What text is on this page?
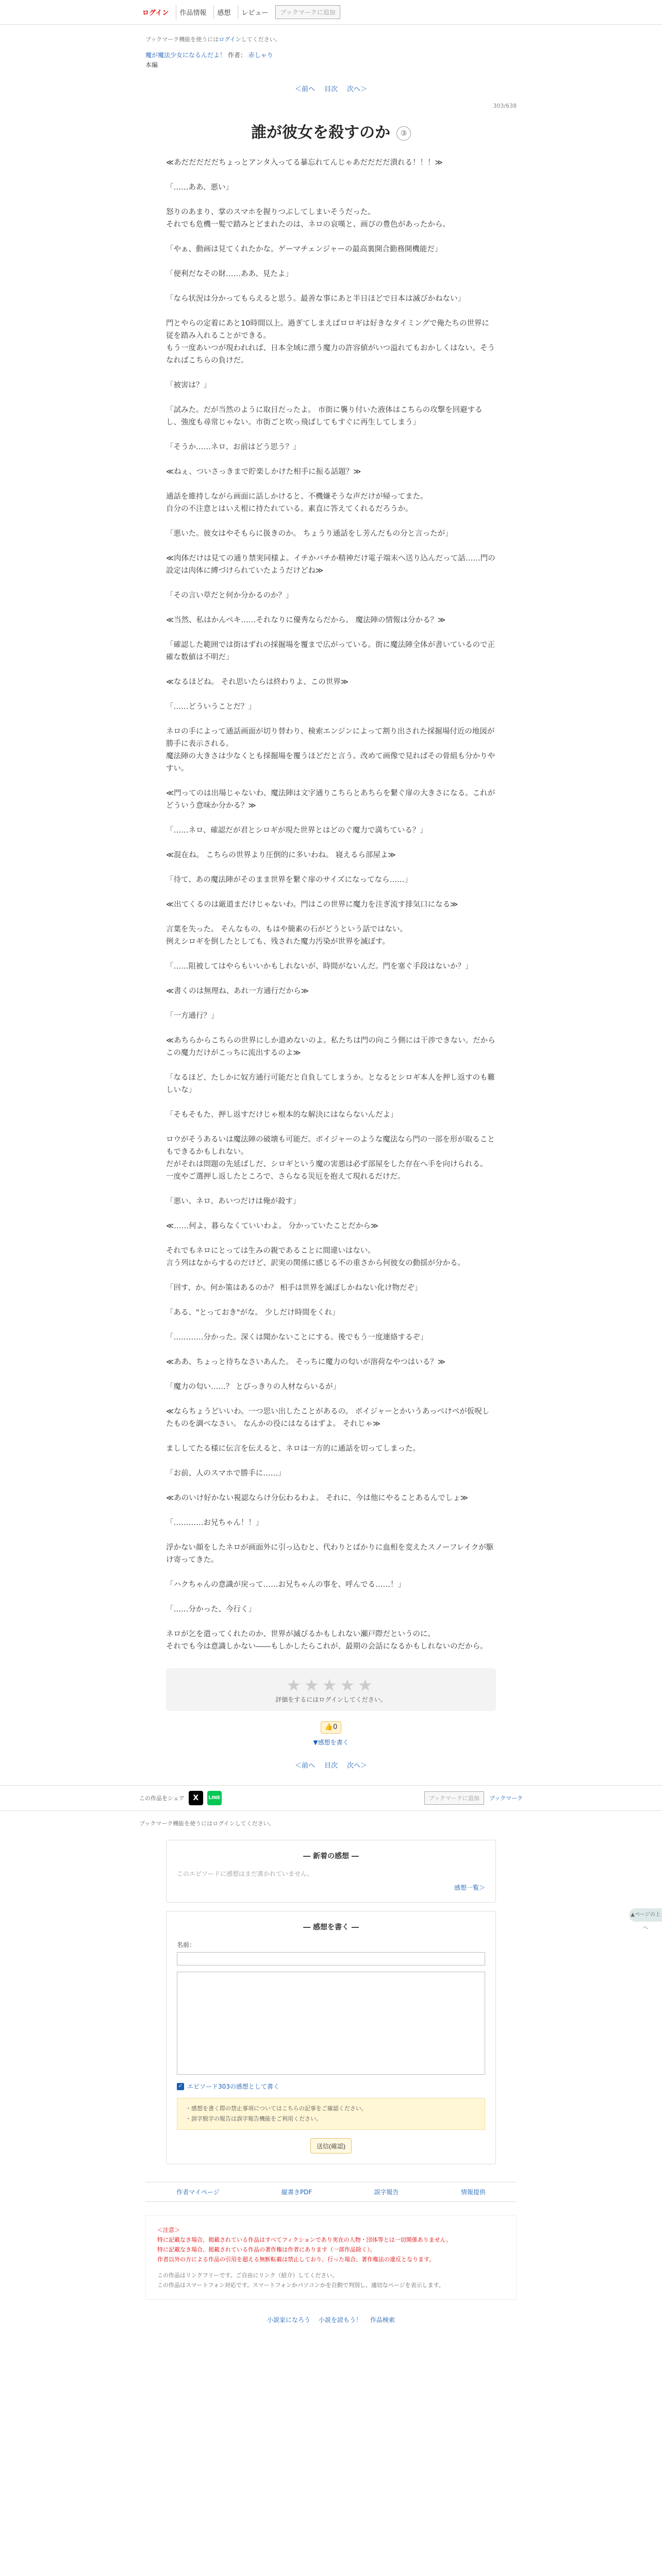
ログイン	作品情報	感想	レビュー	ブックマークに追加
ブックマーク機能を使うにはログインしてください。
魔が魔法少女になるんだよ！ 作者： 赤しゃり
本編
＜前へ 目次 次へ＞
303/638
誰が彼女を殺すのか ③

≪あだだだだだちょっとアンタ入ってる暴忘れてんじゃあだだだだ潰れる！！！≫

「……ああ、悪い」

怒りのあまり、掌のスマホを握りつぶしてしまいそうだった。

それでも危機一髪で踏みとどまれたのは、ネロの哀嘆と、画ぴの豊色があったから。

「やぁ、動画は見てくれたかな。ゲーマチェンジャーの最高裏開合勤務開機能だ」

「便利だなその財……ああ、見たよ」

「なら状況は分かってもらえると思う。最善な事にあと半日ほどで日本は滅びかねない」

門とやらの定着にあと10時間以上。過ぎてしまえばロロギは好きなタイミングで俺たちの世界に従を踏み入れることができる。

もう一度あいつが現われれば、日本全域に漂う魔力の許容値がいつ溢れてもおかしくはない。そうなればこちらの負けだ。

「被害は？」

「試みた。だが当然のように取目だったよ。 市街に襲り付いた液体はこちらの攻撃を回避するし、強度も尋常じゃない。市街ごと吹っ飛ばしてもすぐに再生してしまう」

「そうか……ネロ、お前はどう思う？」

≪ねぇ、ついさっきまで貯楽しかけた相手に振る話題？≫

通話を維持しながら画面に話しかけると、不機嫌そうな声だけが帰ってまた。

自分の不注意とはいえ根に持たれている。素直に答えてくれるだろうか。

「悪いた。彼女はやそもらに扱きのか。 ちょうり通話をし芳んだもの分と言ったが」

≪肉体だけは見ての通り禁実同様よ。イチかバチか精神だけ電子端末へ送り込んだって話……門の設定は肉体に縛づけられていたようだけどね≫

「その言い草だと何か分かるのか？」

≪当然、私はかんぺキ……それなりに優秀ならだから。 魔法陣の情報は分かる？≫

「確認した範囲では街はずれの採掘場を覆まで広がっている。街に魔法陣全体が書いているので正確な数値は不明だ」

≪なるほどね。 それ思いたらは終わりよ、この世界≫

「……どういうことだ？」

ネロの手によって通話画面が切り替わり、検索エンジンによって割り出された採掘場付近の地図が勝手に表示される。

魔法陣の大きさは少なくとも採掘場を覆うほどだと言う。改めて画像で見ればその骨組も分かりやすい。

≪門ってのは出場じゃないわ、魔法陣は文字通りこちらとあちらを繋ぐ扉の大きさになる。これがどういう意味か分かる？≫

「……ネロ、確認だが君とシロギが現た世界とはどのぐ魔力で満ちている？」

≪混在ね。 こちらの世界より圧倒的に多いわね。 寝えるら部屋よ≫

「待て、あの魔法陣がそのまま世界を繋ぐ扉のサイズになってなら……」

≪出てくるのは厳道まだけじゃないわ。門はこの世界に魔力を注ぎ流す排気口になる≫

言葉を失った。 そんなもの、もはや簡素の石がどうという話ではない。

例えシロギを倒したとしても、残された魔力汚染が世界を滅ぼす。

「……阻被してはやらもいいかもしれないが、時間がないんだ。門を塞ぐ手段はないか？」

≪書くのは無理ね、あれ一方通行だから≫

「一方通行？」

≪あちらからこちらの世界にしか道めないのよ。私たちは門の向こう側には干渉できない。だからこの魔力だけがこっちに流出するのよ≫

「なるほど、たしかに奴方通行可能だと自負してしまうか。となるとシロギ本人を押し返すのも難しいな」

「そもそもた、押し返すだけじゃ根本的な解決にはならないんだよ」

ロウがそうあるいは魔法陣の破壊も可能だ。ポイジャーのような魔法なら門の一部を形が取ることもできるかもしれない。

だがそれは問題の先延ばしだ、シロギという魔の害悪は必ず部屋をした存在へ手を向けられる。

一度やご選押し返したところで、さらなる災厄を抱えて現れるだけだ。

「悪い、ネロ、あいつだけは俺が殺す」

≪……何よ、暮らなくていいわよ。 分かっていたことだから≫

それでもネロにとっては生みの親であることに間違いはない。

言う列はなからするのだけど、訳実の関係に感じる不の重さから何彼女の動揺が分かる。

「回す、か。何か策はあるのか？ 相手は世界を滅ぼしかねない化け物だぞ」

「ある、"とっておき"がな。 少しだけ時間をくれ」

「…………分かった。深くは聞かないことにする。後でもう一度連絡するぞ」

≪ああ、ちょっと待ちなさいあんた。 そっちに魔力の匂いが溶荷なやつはいる？≫

「魔力の匂い……？ とびっきりの人材ならいるが」

≪ならちょうどいいわ。一つ思い出したことがあるの。 ポイジャーとかいうあっぺけペが仮呪したものを調べなさい。 なんかの役にはなるはずよ。 それじゃ≫

まししてたる様に伝言を伝えると、ネロは一方的に通話を切ってしまった。

「お前、人のスマホで勝手に……」

≪あのいけ好かない視認ならけ分伝わるわよ。 それに、今は他にやることあるんでしょ≫

「…………お兄ちゃん！！」

浮かない顔をしたネロが画面外に引っ込むと、代わりとばかりに血相を変えたスノーフレイクが駆け寄ってきた。

「ハクちゃんの意識が戻って……お兄ちゃんの事を、呼んでる……！」

「……分かった、今行く」

ネロが乞を遣ってくれたのか、世界が滅びるかもしれない瀬戸際だというのに。

それでも今は意識しかない――もしかしたらこれが、最期の会話になるかもしれないのだから。

★★★★★
評価をするにはログインしてください。
👍0
▼感想を書く
＜前へ 目次 次へ＞
この作品をシェア	X	LINE	ブックマークに追加	ブックマーク
ブックマーク機能を使うにはログインしてください。
― 新着の感想 ―
このエピソードに感想はまだ書かれていません。
感想一覧＞
― 感想を書く ―
名前：
✓ エピソード303の感想として書く
・感想を書く際の禁止事項についてはこちらの記事をご確認ください。
・誤字脱字の報告は誤字報告機能をご利用ください。
送信(確認)
作者マイページ	縦書きPDF	誤字報告	情報提供
＜注意＞
特に記載なき場合、掲載されている作品はすべてフィクションであり実在の人物・団体等とは一切関係ありません。
特に記載なき場合、掲載されている作品の著作権は作者にあります（一部作品除く）。
作者以外の方による作品の引用を超える無断転載は禁止しており、行った場合、著作権法の違反となります。
この作品はリンクフリーです。ご自由にリンク（紹介）してください。
この作品はスマートフォン対応です。スマートフォンかパソコンかを自動で判別し、適切なページを表示します。
小説家になろう 小説を読もう！ 作品検索
▲ページの上へ
